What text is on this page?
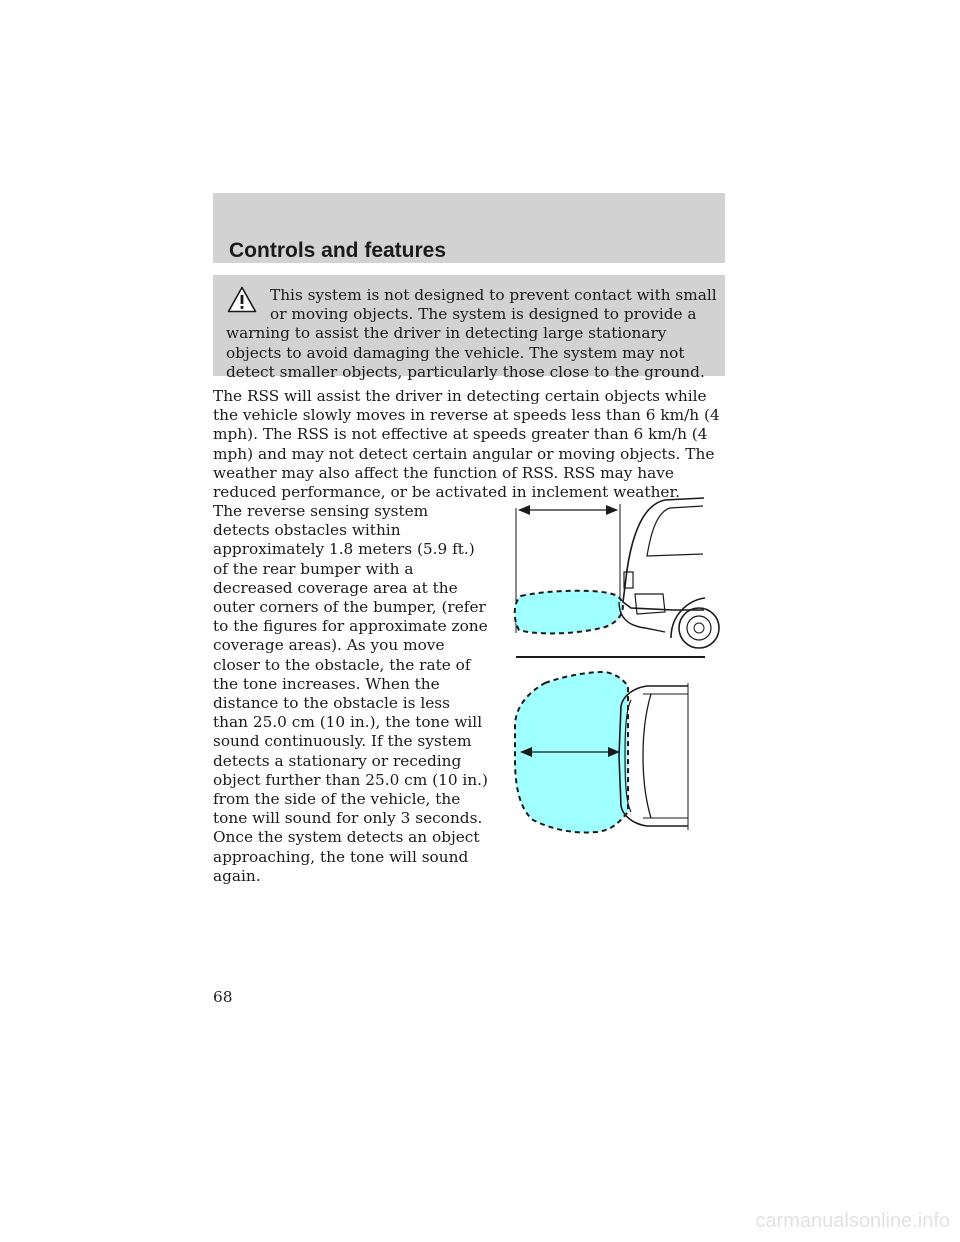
Controls and features

This system is not designed to prevent contact with small or moving objects. The system is designed to provide a warning to assist the driver in detecting large stationary objects to avoid damaging the vehicle. The system may not detect smaller objects, particularly those close to the ground.

The RSS will assist the driver in detecting certain objects while the vehicle slowly moves in reverse at speeds less than 6 km/h (4 mph). The RSS is not effective at speeds greater than 6 km/h (4 mph) and may not detect certain angular or moving objects. The weather may also affect the function of RSS. RSS may have reduced performance, or be activated in inclement weather.

The reverse sensing system detects obstacles within approximately 1.8 meters (5.9 ft.) of the rear bumper with a decreased coverage area at the outer corners of the bumper, (refer to the figures for approximate zone coverage areas). As you move closer to the obstacle, the rate of the tone increases. When the distance to the obstacle is less than 25.0 cm (10 in.), the tone will sound continuously. If the system detects a stationary or receding object further than 25.0 cm (10 in.) from the side of the vehicle, the tone will sound for only 3 seconds. Once the system detects an object approaching, the tone will sound again.

68

carmanualsonline.info
